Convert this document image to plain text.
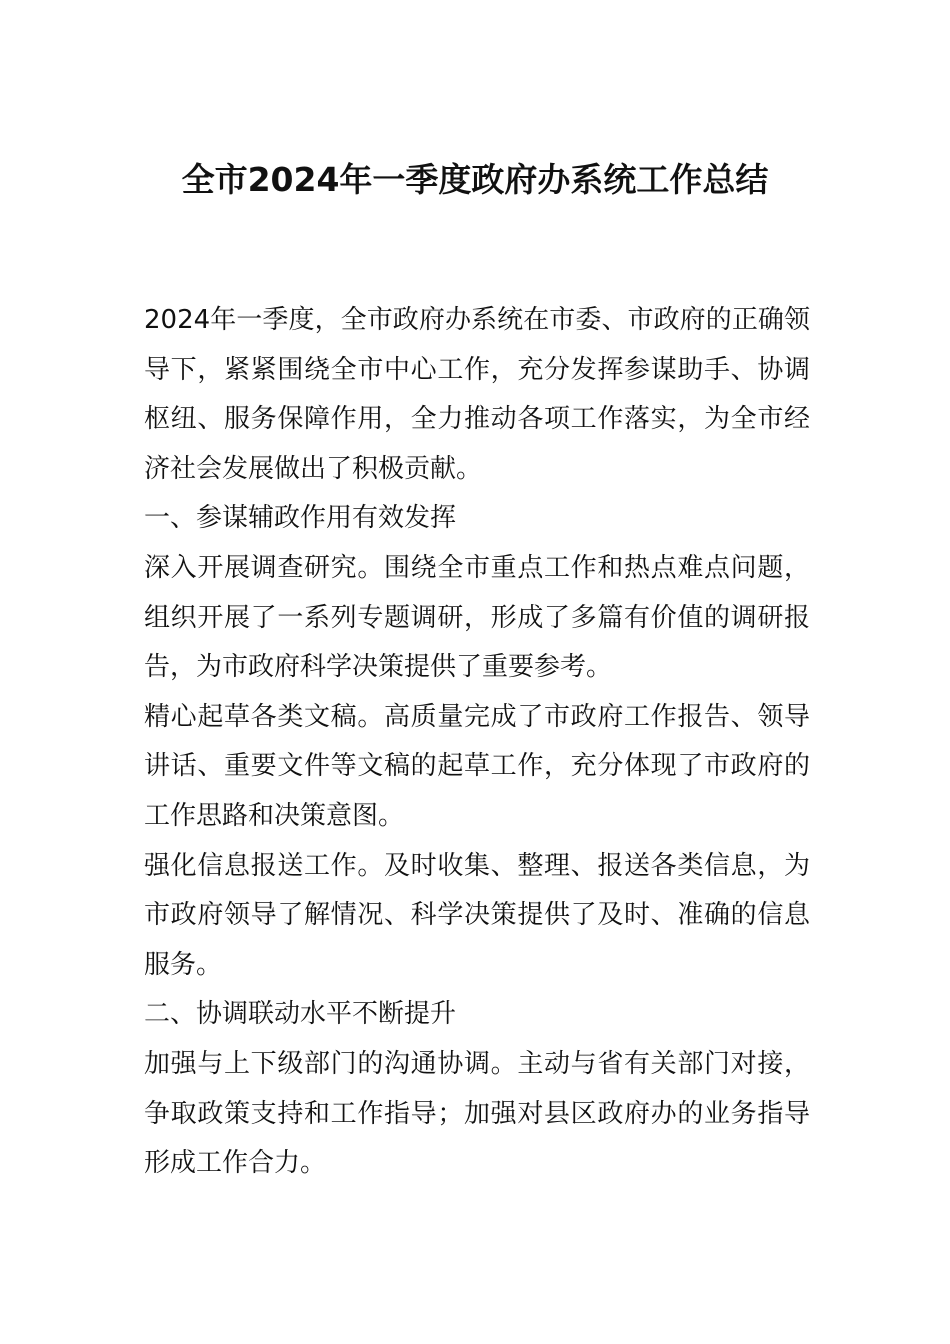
全市2024年一季度政府办系统工作总结

2024年一季度，全市政府办系统在市委、市政府的正确领导下，紧紧围绕全市中心工作，充分发挥参谋助手、协调枢纽、服务保障作用，全力推动各项工作落实，为全市经济社会发展做出了积极贡献。

一、参谋辅政作用有效发挥

深入开展调查研究。围绕全市重点工作和热点难点问题，组织开展了一系列专题调研，形成了多篇有价值的调研报告，为市政府科学决策提供了重要参考。

精心起草各类文稿。高质量完成了市政府工作报告、领导讲话、重要文件等文稿的起草工作，充分体现了市政府的工作思路和决策意图。

强化信息报送工作。及时收集、整理、报送各类信息，为市政府领导了解情况、科学决策提供了及时、准确的信息服务。

二、协调联动水平不断提升

加强与上下级部门的沟通协调。主动与省有关部门对接，争取政策支持和工作指导；加强对县区政府办的业务指导形成工作合力。
